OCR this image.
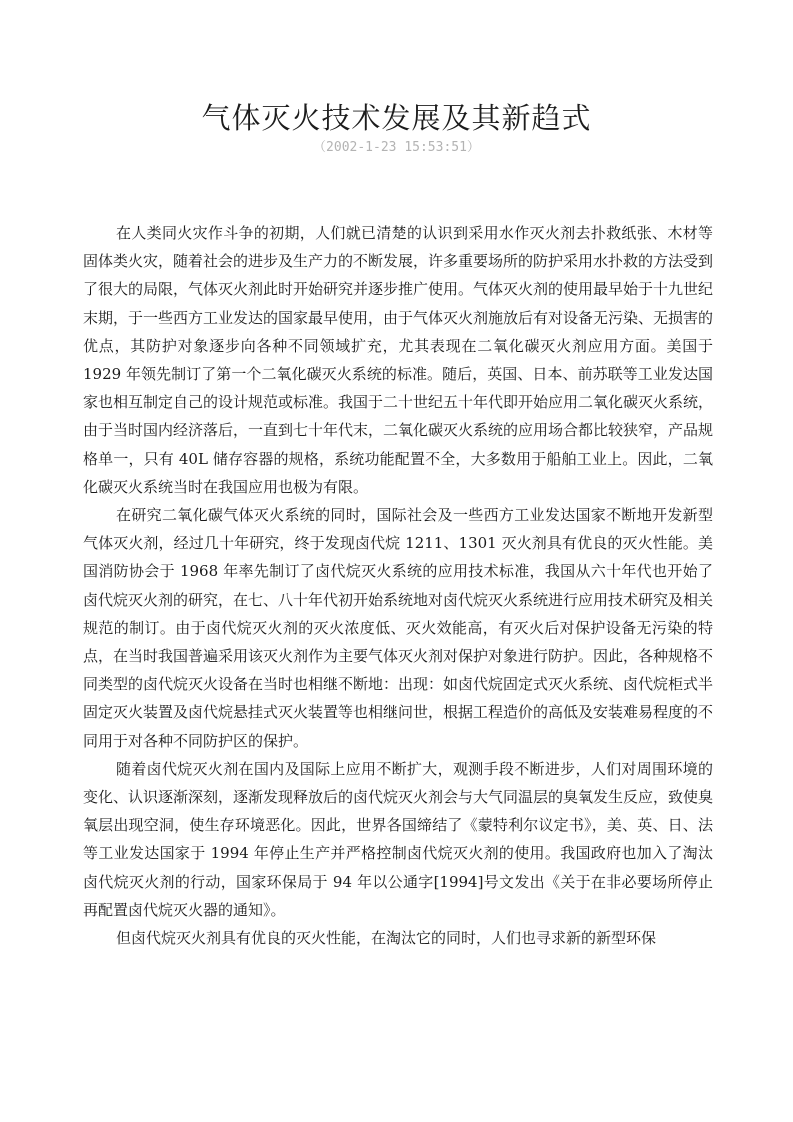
气体灭火技术发展及其新趋式
（2002-1-23 15:53:51）

在人类同火灾作斗争的初期，人们就已清楚的认识到采用水作灭火剂去扑救纸张、木材等固体类火灾，随着社会的进步及生产力的不断发展，许多重要场所的防护采用水扑救的方法受到了很大的局限，气体灭火剂此时开始研究并逐步推广使用。气体灭火剂的使用最早始于十九世纪末期，于一些西方工业发达的国家最早使用，由于气体灭火剂施放后有对设备无污染、无损害的优点，其防护对象逐步向各种不同领域扩充，尤其表现在二氧化碳灭火剂应用方面。美国于 1929 年领先制订了第一个二氧化碳灭火系统的标准。随后，英国、日本、前苏联等工业发达国家也相互制定自己的设计规范或标准。我国于二十世纪五十年代即开始应用二氧化碳灭火系统，由于当时国内经济落后，一直到七十年代末，二氧化碳灭火系统的应用场合都比较狭窄，产品规格单一，只有 40L 储存容器的规格，系统功能配置不全，大多数用于船舶工业上。因此，二氧化碳灭火系统当时在我国应用也极为有限。

在研究二氧化碳气体灭火系统的同时，国际社会及一些西方工业发达国家不断地开发新型气体灭火剂，经过几十年研究，终于发现卤代烷 1211、1301 灭火剂具有优良的灭火性能。美国消防协会于 1968 年率先制订了卤代烷灭火系统的应用技术标准，我国从六十年代也开始了卤代烷灭火剂的研究，在七、八十年代初开始系统地对卤代烷灭火系统进行应用技术研究及相关规范的制订。由于卤代烷灭火剂的灭火浓度低、灭火效能高，有灭火后对保护设备无污染的特点，在当时我国普遍采用该灭火剂作为主要气体灭火剂对保护对象进行防护。因此，各种规格不同类型的卤代烷灭火设备在当时也相继不断地：出现：如卤代烷固定式灭火系统、卤代烷柜式半固定灭火装置及卤代烷悬挂式灭火装置等也相继问世，根据工程造价的高低及安装难易程度的不同用于对各种不同防护区的保护。

随着卤代烷灭火剂在国内及国际上应用不断扩大，观测手段不断进步，人们对周围环境的变化、认识逐渐深刻，逐渐发现释放后的卤代烷灭火剂会与大气同温层的臭氧发生反应，致使臭氧层出现空洞，使生存环境恶化。因此，世界各国缔结了《蒙特利尔议定书》，美、英、日、法等工业发达国家于 1994 年停止生产并严格控制卤代烷灭火剂的使用。我国政府也加入了淘汰卤代烷灭火剂的行动，国家环保局于 94 年以公通字[1994]号文发出《关于在非必要场所停止再配置卤代烷灭火器的通知》。

但卤代烷灭火剂具有优良的灭火性能，在淘汰它的同时，人们也寻求新的新型环保
